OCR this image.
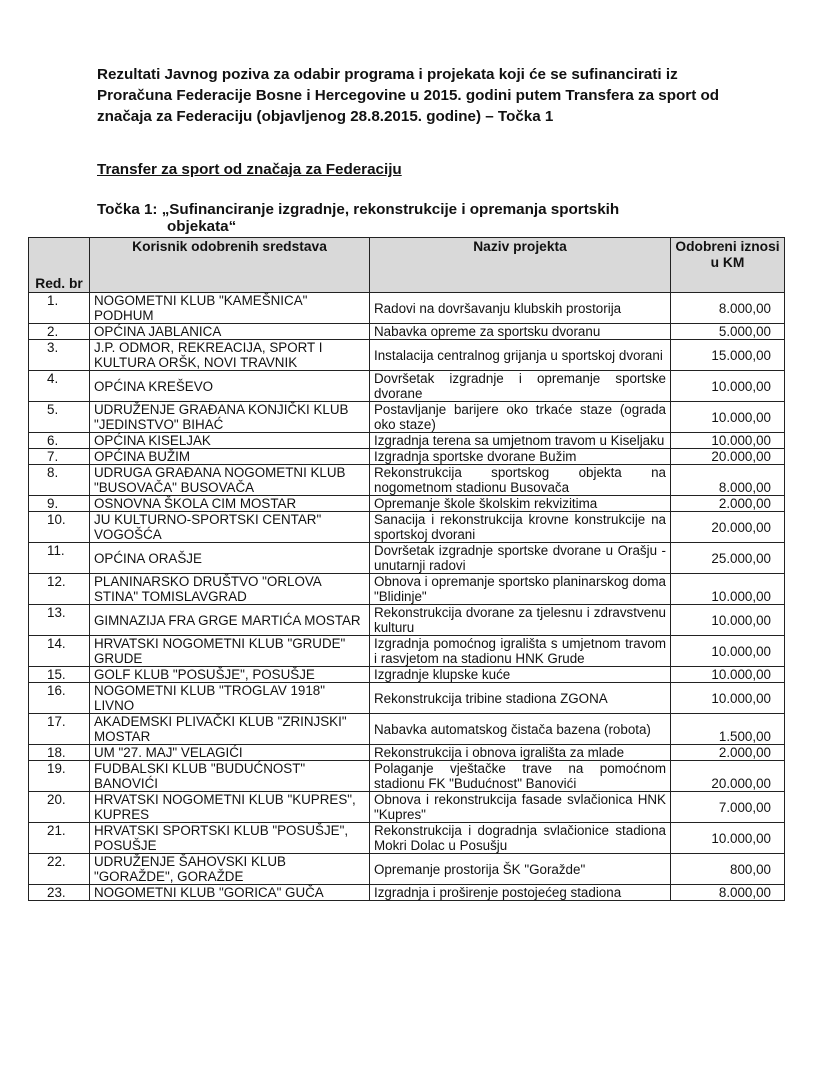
Rezultati Javnog poziva za odabir programa i projekata koji će se sufinancirati iz Proračuna Federacije Bosne i Hercegovine u 2015. godini putem Transfera za sport od značaja za Federaciju (objavljenog 28.8.2015. godine) – Točka 1
Transfer za sport od značaja za Federaciju
Točka 1: „Sufinanciranje izgradnje, rekonstrukcije i opremanja sportskih
objekata“
Red. br	Korisnik odobrenih sredstava	Naziv projekta	Odobreni iznosi u KM
1.	NOGOMETNI KLUB "KAMEŠNICA" PODHUM	Radovi na dovršavanju klubskih prostorija	8.000,00
2.	OPĆINA JABLANICA	Nabavka opreme za sportsku dvoranu	5.000,00
3.	J.P. ODMOR, REKREACIJA, SPORT I KULTURA ORŠK, NOVI TRAVNIK	Instalacija centralnog grijanja u sportskoj dvorani	15.000,00
4.	OPĆINA KREŠEVO	Dovršetak izgradnje i opremanje sportske dvorane	10.000,00
5.	UDRUŽENJE GRAĐANA KONJIČKI KLUB "JEDINSTVO" BIHAĆ	Postavljanje barijere oko trkaće staze (ograda oko staze)	10.000,00
6.	OPĆINA KISELJAK	Izgradnja terena sa umjetnom travom u Kiseljaku	10.000,00
7.	OPĆINA BUŽIM	Izgradnja sportske dvorane Bužim	20.000,00
8.	UDRUGA GRAĐANA NOGOMETNI KLUB "BUSOVAČA" BUSOVAČA	Rekonstrukcija sportskog objekta na nogometnom stadionu Busovača	8.000,00
9.	OSNOVNA ŠKOLA CIM MOSTAR	Opremanje škole školskim rekvizitima	2.000,00
10.	JU KULTURNO-SPORTSKI CENTAR" VOGOŠĆA	Sanacija i rekonstrukcija krovne konstrukcije na sportskoj dvorani	20.000,00
11.	OPĆINA ORAŠJE	Dovršetak izgradnje sportske dvorane u Orašju - unutarnji radovi	25.000,00
12.	PLANINARSKO DRUŠTVO "ORLOVA STINA" TOMISLAVGRAD	Obnova i opremanje sportsko planinarskog doma "Blidinje"	10.000,00
13.	GIMNAZIJA FRA GRGE MARTIĆA MOSTAR	Rekonstrukcija dvorane za tjelesnu i zdravstvenu kulturu	10.000,00
14.	HRVATSKI NOGOMETNI KLUB "GRUDE" GRUDE	Izgradnja pomoćnog igrališta s umjetnom travom i rasvjetom na stadionu HNK Grude	10.000,00
15.	GOLF KLUB "POSUŠJE", POSUŠJE	Izgradnje klupske kuće	10.000,00
16.	NOGOMETNI KLUB "TROGLAV 1918" LIVNO	Rekonstrukcija tribine stadiona ZGONA	10.000,00
17.	AKADEMSKI PLIVAČKI KLUB "ZRINJSKI" MOSTAR	Nabavka automatskog čistača bazena (robota)	1.500,00
18.	UM "27. MAJ" VELAGIĆI	Rekonstrukcija i obnova igrališta za mlade	2.000,00
19.	FUDBALSKI KLUB "BUDUĆNOST" BANOVIĆI	Polaganje vještačke trave na pomoćnom stadionu FK "Budućnost" Banovići	20.000,00
20.	HRVATSKI NOGOMETNI KLUB "KUPRES", KUPRES	Obnova i rekonstrukcija fasade svlačionica HNK "Kupres"	7.000,00
21.	HRVATSKI SPORTSKI KLUB "POSUŠJE", POSUŠJE	Rekonstrukcija i dogradnja svlačionice stadiona Mokri Dolac u Posušju	10.000,00
22.	UDRUŽENJE ŠAHOVSKI KLUB "GORAŽDE", GORAŽDE	Opremanje prostorija ŠK "Goražde"	800,00
23.	NOGOMETNI KLUB "GORICA" GUČA	Izgradnja i proširenje postojećeg stadiona	8.000,00
